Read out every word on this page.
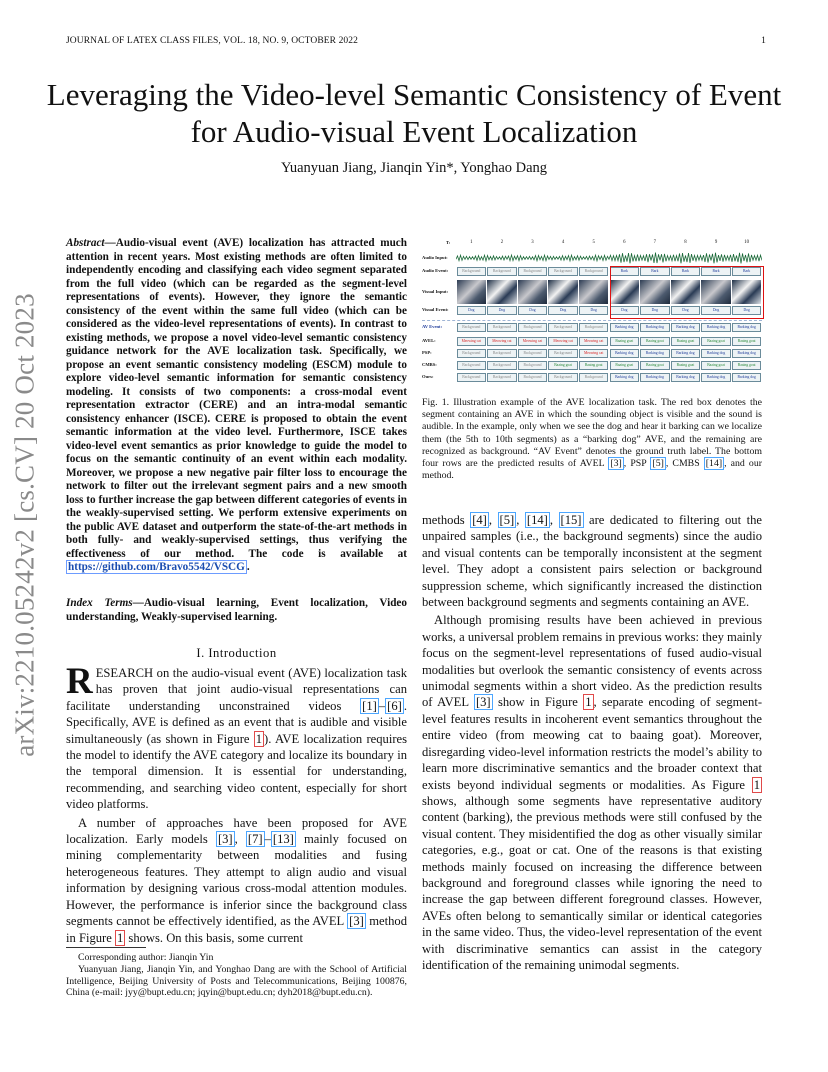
JOURNAL OF LATEX CLASS FILES, VOL. 18, NO. 9, OCTOBER 2022	1
arXiv:2210.05242v2 [cs.CV] 20 Oct 2023
Leveraging the Video-level Semantic Consistency of Event for Audio-visual Event Localization
Yuanyuan Jiang, Jianqin Yin*, Yonghao Dang
Abstract—Audio-visual event (AVE) localization has attracted much attention in recent years. Most existing methods are often limited to independently encoding and classifying each video segment separated from the full video (which can be regarded as the segment-level representations of events). However, they ignore the semantic consistency of the event within the same full video (which can be considered as the video-level representations of events). In contrast to existing methods, we propose a novel video-level semantic consistency guidance network for the AVE localization task. Specifically, we propose an event semantic consistency modeling (ESCM) module to explore video-level semantic information for semantic consistency modeling. It consists of two components: a cross-modal event representation extractor (CERE) and an intra-modal semantic consistency enhancer (ISCE). CERE is proposed to obtain the event semantic information at the video level. Furthermore, ISCE takes video-level event semantics as prior knowledge to guide the model to focus on the semantic continuity of an event within each modality. Moreover, we propose a new negative pair filter loss to encourage the network to filter out the irrelevant segment pairs and a new smooth loss to further increase the gap between different categories of events in the weakly-supervised setting. We perform extensive experiments on the public AVE dataset and outperform the state-of-the-art methods in both fully- and weakly-supervised settings, thus verifying the effectiveness of our method. The code is available at https://github.com/Bravo5542/VSCG .
Index Terms—Audio-visual learning, Event localization, Video understanding, Weakly-supervised learning.
I. Introduction
RESEARCH on the audio-visual event (AVE) localization task has proven that joint audio-visual representations can facilitate understanding unconstrained videos [1] – [6] . Specifically, AVE is defined as an event that is audible and visible simultaneously (as shown in Figure 1 ). AVE localization requires the model to identify the AVE category and localize its boundary in the temporal dimension. It is essential for understanding, recommending, and searching video content, especially for short video platforms.
A number of approaches have been proposed for AVE localization. Early models [3] , [7] – [13] mainly focused on mining complementarity between modalities and fusing heterogeneous features. They attempt to align audio and visual information by designing various cross-modal attention modules. However, the performance is inferior since the background class segments cannot be effectively identified, as the AVEL [3] method in Figure 1 shows. On this basis, some current

Corresponding author: Jianqin Yin

Yuanyuan Jiang, Jianqin Yin, and Yonghao Dang are with the School of Artificial Intelligence, Beijing University of Posts and Telecommunications, Beijing 100876, China (e-mail: jyy@bupt.edu.cn; jqyin@bupt.edu.cn; dyh2018@bupt.edu.cn).

T:	1	2	3	4	5	6	7	8	9	10
Audio Input:
Audio Event:	Background	Background	Background	Background	Background	Bark	Bark	Bark	Bark	Bark
Visual Input:
Visual Event:	Dog	Dog	Dog	Dog	Dog	Dog	Dog	Dog	Dog	Dog
AV Event:	Background	Background	Background	Background	Background	Barking dog	Barking dog	Barking dog	Barking dog	Barking dog
AVEL:	Meowing cat	Meowing cat	Meowing cat	Meowing cat	Meowing cat	Baaing goat	Baaing goat	Baaing goat	Baaing goat	Baaing goat
PSP:	Background	Background	Background	Background	Meowing cat	Barking dog	Barking dog	Barking dog	Barking dog	Barking dog
CMBS:	Background	Background	Background	Baaing goat	Baaing goat	Baaing goat	Baaing goat	Baaing goat	Baaing goat	Baaing goat
Ours:	Background	Background	Background	Background	Background	Barking dog	Barking dog	Barking dog	Barking dog	Barking dog
Fig. 1. Illustration example of the AVE localization task. The red box denotes the segment containing an AVE in which the sounding object is visible and the sound is audible. In the example, only when we see the dog and hear it barking can we localize them (the 5th to 10th segments) as a “barking dog” AVE, and the remaining are recognized as background. “AV Event” denotes the ground truth label. The bottom four rows are the predicted results of AVEL [3] , PSP [5] , CMBS [14] , and our method.
methods [4] , [5] , [14] , [15] are dedicated to filtering out the unpaired samples (i.e., the background segments) since the audio and visual contents can be temporally inconsistent at the segment level. They adopt a consistent pairs selection or background suppression scheme, which significantly increased the distinction between background segments and segments containing an AVE.
Although promising results have been achieved in previous works, a universal problem remains in previous works: they mainly focus on the segment-level representations of fused audio-visual modalities but overlook the semantic consistency of events across unimodal segments within a short video. As the prediction results of AVEL [3] show in Figure 1 , separate encoding of segment-level features results in incoherent event semantics throughout the entire video (from meowing cat to baaing goat). Moreover, disregarding video-level information restricts the model’s ability to learn more discriminative semantics and the broader context that exists beyond individual segments or modalities. As Figure 1 shows, although some segments have representative auditory content (barking), the previous methods were still confused by the visual content. They misidentified the dog as other visually similar categories, e.g., goat or cat. One of the reasons is that existing methods mainly focused on increasing the difference between background and foreground classes while ignoring the need to increase the gap between different foreground classes. However, AVEs often belong to semantically similar or identical categories in the same video. Thus, the video-level representation of the event with discriminative semantics can assist in the category identification of the remaining unimodal segments.
